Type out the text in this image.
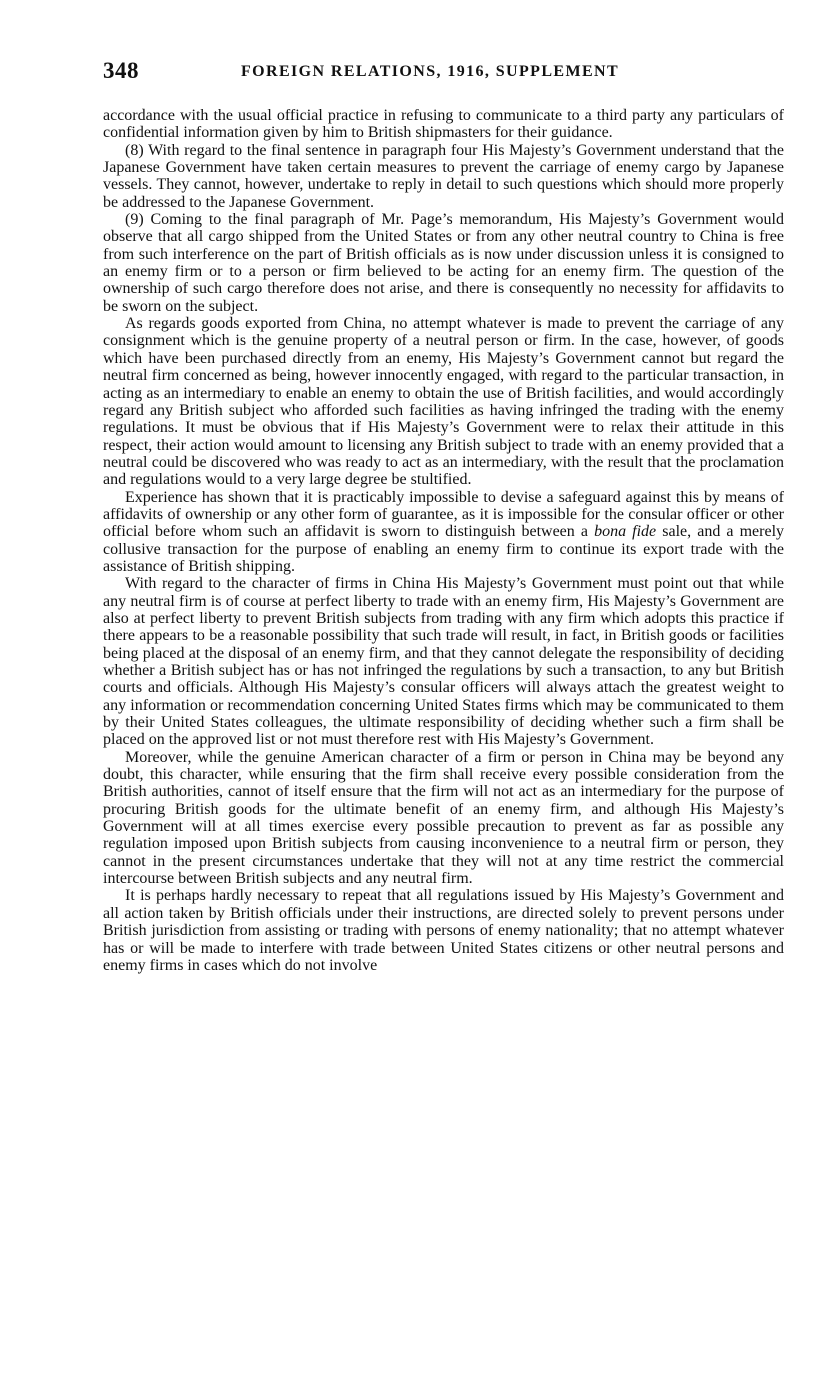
348	FOREIGN RELATIONS, 1916, SUPPLEMENT

accordance with the usual official practice in refusing to communicate to a third party any particulars of confidential information given by him to British shipmasters for their guidance.

(8) With regard to the final sentence in paragraph four His Majesty’s Government understand that the Japanese Government have taken certain measures to prevent the carriage of enemy cargo by Japanese vessels. They cannot, however, undertake to reply in detail to such questions which should more properly be addressed to the Japanese Government.

(9) Coming to the final paragraph of Mr. Page’s memorandum, His Majesty’s Government would observe that all cargo shipped from the United States or from any other neutral country to China is free from such interference on the part of British officials as is now under discussion unless it is consigned to an enemy firm or to a person or firm believed to be acting for an enemy firm. The question of the ownership of such cargo therefore does not arise, and there is consequently no necessity for affidavits to be sworn on the subject.

As regards goods exported from China, no attempt whatever is made to prevent the carriage of any consignment which is the genuine property of a neutral person or firm. In the case, however, of goods which have been purchased directly from an enemy, His Majesty’s Government cannot but regard the neutral firm concerned as being, however innocently engaged, with regard to the particular transaction, in acting as an intermediary to enable an enemy to obtain the use of British facilities, and would accordingly regard any British subject who afforded such facilities as having infringed the trading with the enemy regulations. It must be obvious that if His Majesty’s Government were to relax their attitude in this respect, their action would amount to licensing any British subject to trade with an enemy provided that a neutral could be discovered who was ready to act as an intermediary, with the result that the proclamation and regulations would to a very large degree be stultified.

Experience has shown that it is practicably impossible to devise a safeguard against this by means of affidavits of ownership or any other form of guarantee, as it is impossible for the consular officer or other official before whom such an affidavit is sworn to distinguish between a bona fide sale, and a merely collusive transaction for the purpose of enabling an enemy firm to continue its export trade with the assistance of British shipping.

With regard to the character of firms in China His Majesty’s Government must point out that while any neutral firm is of course at perfect liberty to trade with an enemy firm, His Majesty’s Government are also at perfect liberty to prevent British subjects from trading with any firm which adopts this practice if there appears to be a reasonable possibility that such trade will result, in fact, in British goods or facilities being placed at the disposal of an enemy firm, and that they cannot delegate the responsibility of deciding whether a British subject has or has not infringed the regulations by such a transaction, to any but British courts and officials. Although His Majesty’s consular officers will always attach the greatest weight to any information or recommendation concerning United States firms which may be communicated to them by their United States colleagues, the ultimate responsibility of deciding whether such a firm shall be placed on the approved list or not must therefore rest with His Majesty’s Government.

Moreover, while the genuine American character of a firm or person in China may be beyond any doubt, this character, while ensuring that the firm shall receive every possible consideration from the British authorities, cannot of itself ensure that the firm will not act as an intermediary for the purpose of procuring British goods for the ultimate benefit of an enemy firm, and although His Majesty’s Government will at all times exercise every possible precaution to prevent as far as possible any regulation imposed upon British subjects from causing inconvenience to a neutral firm or person, they cannot in the present circumstances undertake that they will not at any time restrict the commercial intercourse between British subjects and any neutral firm.

It is perhaps hardly necessary to repeat that all regulations issued by His Majesty’s Government and all action taken by British officials under their instructions, are directed solely to prevent persons under British jurisdiction from assisting or trading with persons of enemy nationality; that no attempt whatever has or will be made to interfere with trade between United States citizens or other neutral persons and enemy firms in cases which do not involve
